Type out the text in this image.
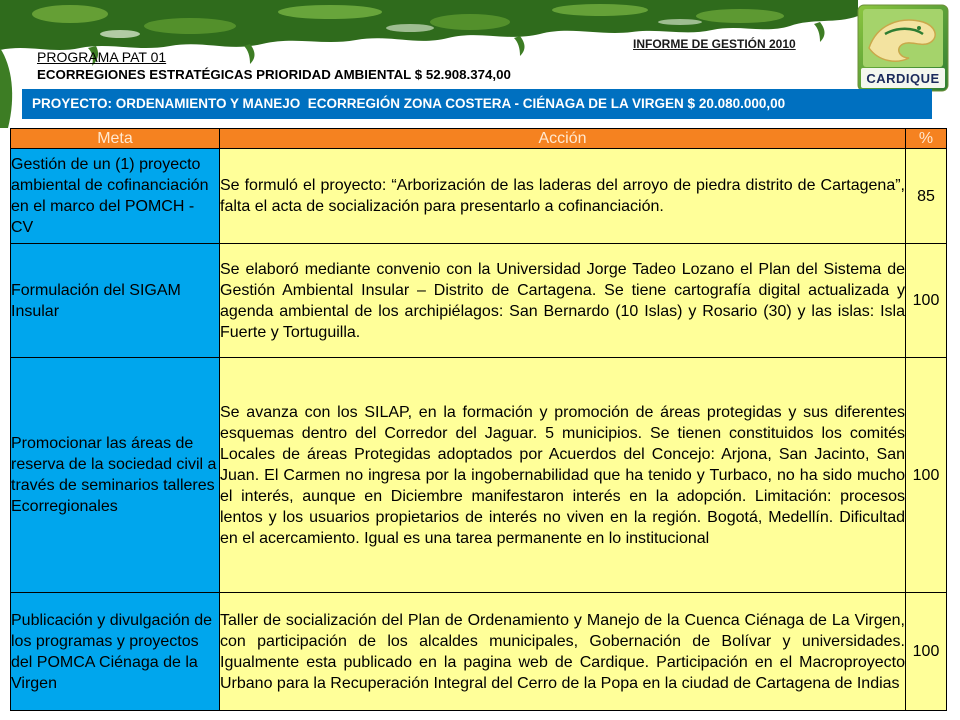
CARDIQUE
INFORME DE GESTIÓN 2010
PROGRAMA PAT 01
ECORREGIONES ESTRATÉGICAS PRIORIDAD AMBIENTAL $ 52.908.374,00
PROYECTO: ORDENAMIENTO Y MANEJO  ECORREGIÓN ZONA COSTERA - CIÉNAGA DE LA VIRGEN $ 20.080.000,00
Meta	Acción	%
Gestión de un (1) proyecto ambiental de cofinanciación en el marco del POMCH - CV	Se formuló el proyecto: “Arborización de las laderas del arroyo de piedra distrito de Cartagena”, falta el acta de socialización para presentarlo a cofinanciación.	85
Formulación del SIGAM Insular	Se elaboró mediante convenio con la Universidad Jorge Tadeo Lozano el Plan del Sistema de Gestión Ambiental Insular – Distrito de Cartagena. Se tiene cartografía digital actualizada y agenda ambiental de los archipiélagos: San Bernardo (10 Islas) y Rosario (30) y las islas: Isla Fuerte y Tortuguilla.	100
Promocionar las áreas de reserva de la sociedad civil a través de seminarios talleres Ecorregionales	Se avanza con los SILAP, en la formación y promoción de áreas protegidas y sus diferentes esquemas dentro del Corredor del Jaguar. 5 municipios. Se tienen constituidos los comités Locales de áreas Protegidas adoptados por Acuerdos del Concejo: Arjona, San Jacinto, San Juan. El Carmen no ingresa por la ingobernabilidad que ha tenido y Turbaco, no ha sido mucho el interés, aunque en Diciembre manifestaron interés en la adopción. Limitación: procesos lentos y los usuarios propietarios de interés no viven en la región. Bogotá, Medellín. Dificultad en el acercamiento. Igual es una tarea permanente en lo institucional	100
Publicación y divulgación de los programas y proyectos del POMCA Ciénaga de la Virgen	Taller de socialización del Plan de Ordenamiento y Manejo de la Cuenca Ciénaga de La Virgen, con participación de los alcaldes municipales, Gobernación de Bolívar y universidades. Igualmente esta publicado en la pagina web de Cardique. Participación en el Macroproyecto Urbano para la Recuperación Integral del Cerro de la Popa en la ciudad de Cartagena de Indias	100
